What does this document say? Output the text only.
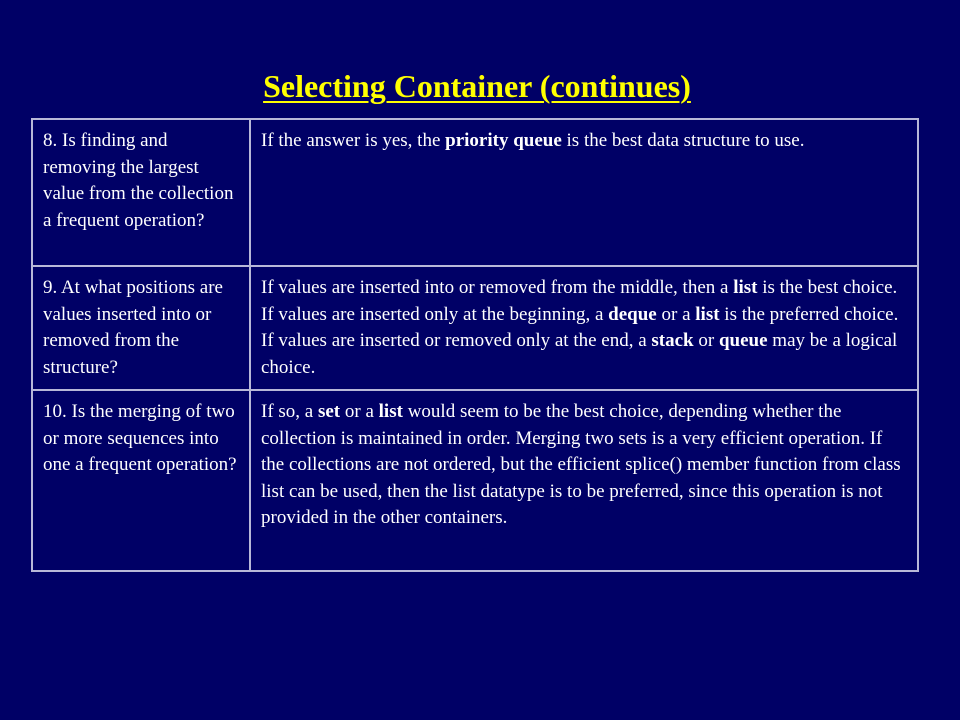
Selecting Container (continues)
8. Is finding and removing the largest value from the collection a frequent operation?	If the answer is yes, the priority queue is the best data structure to use.
9. At what positions are values inserted into or removed from the structure?	If values are inserted into or removed from the middle, then a list is the best choice. If values are inserted only at the beginning, a deque or a list is the preferred choice. If values are inserted or removed only at the end, a stack or queue may be a logical choice.
10. Is the merging of two or more sequences into one a frequent operation?	If so, a set or a list would seem to be the best choice, depending whether the collection is maintained in order. Merging two sets is a very efficient operation. If the collections are not ordered, but the efficient splice() member function from class list can be used, then the list datatype is to be preferred, since this operation is not provided in the other containers.
